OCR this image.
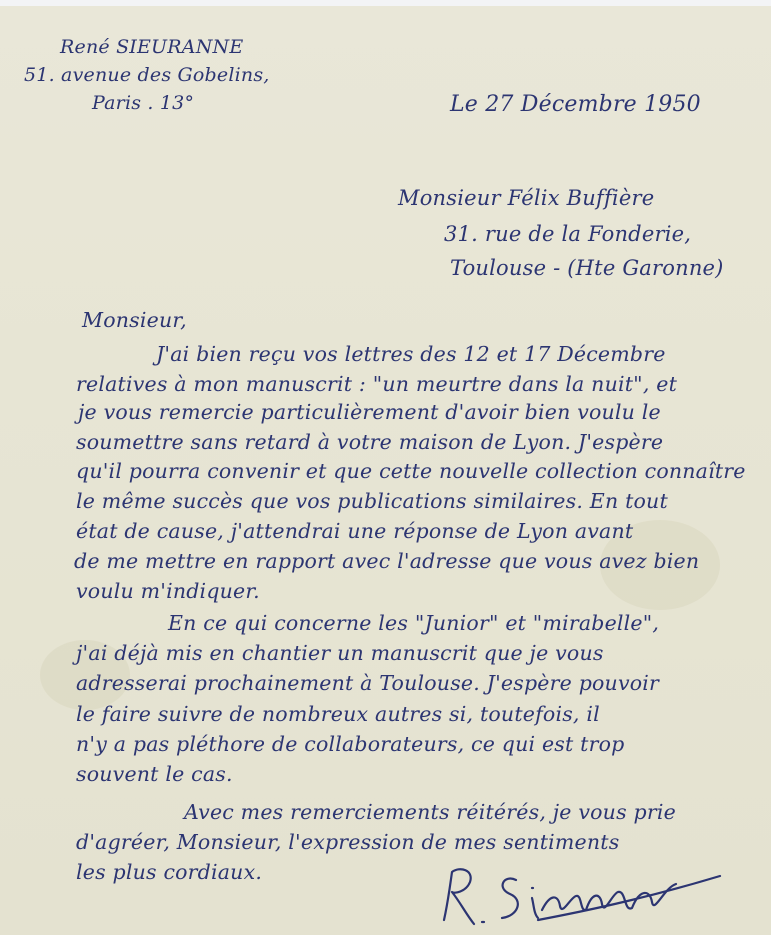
René SIEURANNE
51. avenue des Gobelins,
Paris . 13°	Le 27 Décembre 1950
Monsieur Félix Buffière
31. rue de la Fonderie,
Toulouse - (Hte Garonne)
Monsieur,
J'ai bien reçu vos lettres des 12 et 17 Décembre
relatives à mon manuscrit : "un meurtre dans la nuit", et
je vous remercie particulièrement d'avoir bien voulu le
soumettre sans retard à votre maison de Lyon. J'espère
qu'il pourra convenir et que cette nouvelle collection connaître
le même succès que vos publications similaires. En tout
état de cause, j'attendrai une réponse de Lyon avant
de me mettre en rapport avec l'adresse que vous avez bien
voulu m'indiquer.
En ce qui concerne les "Junior" et "mirabelle",
j'ai déjà mis en chantier un manuscrit que je vous
adresserai prochainement à Toulouse. J'espère pouvoir
le faire suivre de nombreux autres si, toutefois, il
n'y a pas pléthore de collaborateurs, ce qui est trop
souvent le cas.
Avec mes remerciements réitérés, je vous prie
d'agréer, Monsieur, l'expression de mes sentiments
les plus cordiaux.
